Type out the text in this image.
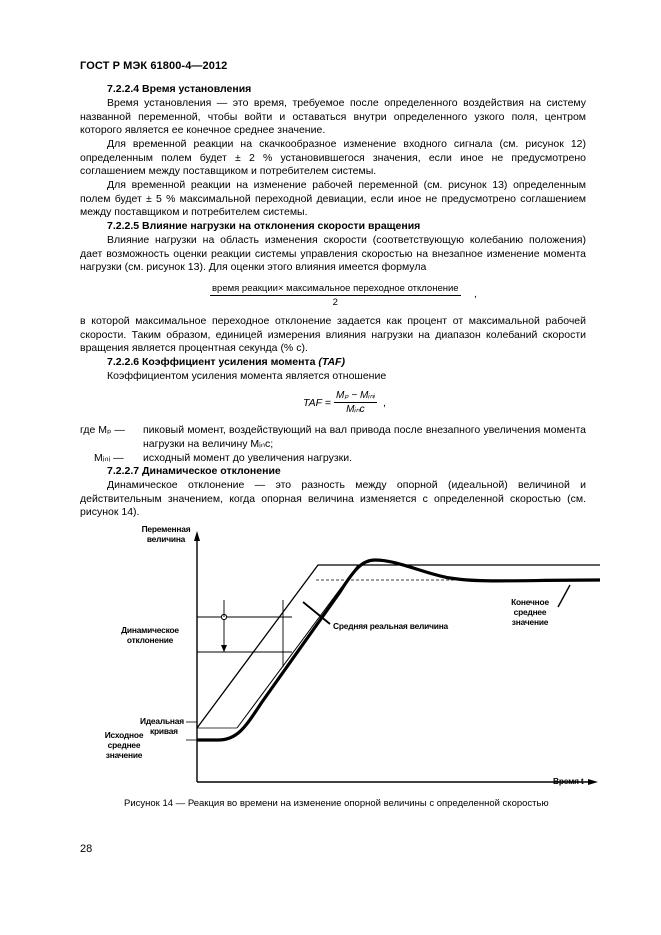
ГОСТ Р МЭК 61800-4—2012
7.2.2.4 Время установления
Время установления — это время, требуемое после определенного воздействия на систему названной переменной, чтобы войти и оставаться внутри определенного узкого поля, центром которого является ее конечное среднее значение.
Для временной реакции на скачкообразное изменение входного сигнала (см. рисунок 12) определенным полем будет ± 2 % установившегося значения, если иное не предусмотрено соглашением между поставщиком и потребителем системы.
Для временной реакции на изменение рабочей переменной (см. рисунок 13) определенным полем будет ± 5 % максимальной переходной девиации, если иное не предусмотрено соглашением между поставщиком и потребителем системы.
7.2.2.5 Влияние нагрузки на отклонения скорости вращения
Влияние нагрузки на область изменения скорости (соответствующую колебанию положения) дает возможность оценки реакции системы управления скоростью на внезапное изменение момента нагрузки (см. рисунок 13). Для оценки этого влияния имеется формула
время реакции× максимальное переходное отклонение
2
,
в которой максимальное переходное отклонение задается как процент от максимальной рабочей скорости. Таким образом, единицей измерения влияния нагрузки на диапазон колебаний скорости вращения является процентная секунда (% с).
7.2.2.6 Коэффициент усиления момента (TAF)
Коэффициентом усиления момента является отношение
TAF =
Mₚ − Mᵢₙᵢ
Mᵢₙc
,
где Mₚ —	пиковый момент, воздействующий на вал привода после внезапного увеличения момента нагрузки на величину Mᵢₙc;
Mᵢₙᵢ — исходный момент до увеличения нагрузки.
7.2.2.7 Динамическое отклонение
Динамическое отклонение — это разность между опорной (идеальной) величиной и действительным значением, когда опорная величина изменяется с определенной скоростью (см. рисунок 14).
Переменная
величина
Динамическое
отклонение
Идеальная
кривая
Исходное
среднее
значение
Средняя реальная величина
Конечное
среднее
значение
Время t
Рисунок 14 — Реакция во времени на изменение опорной величины с определенной скоростью
28
